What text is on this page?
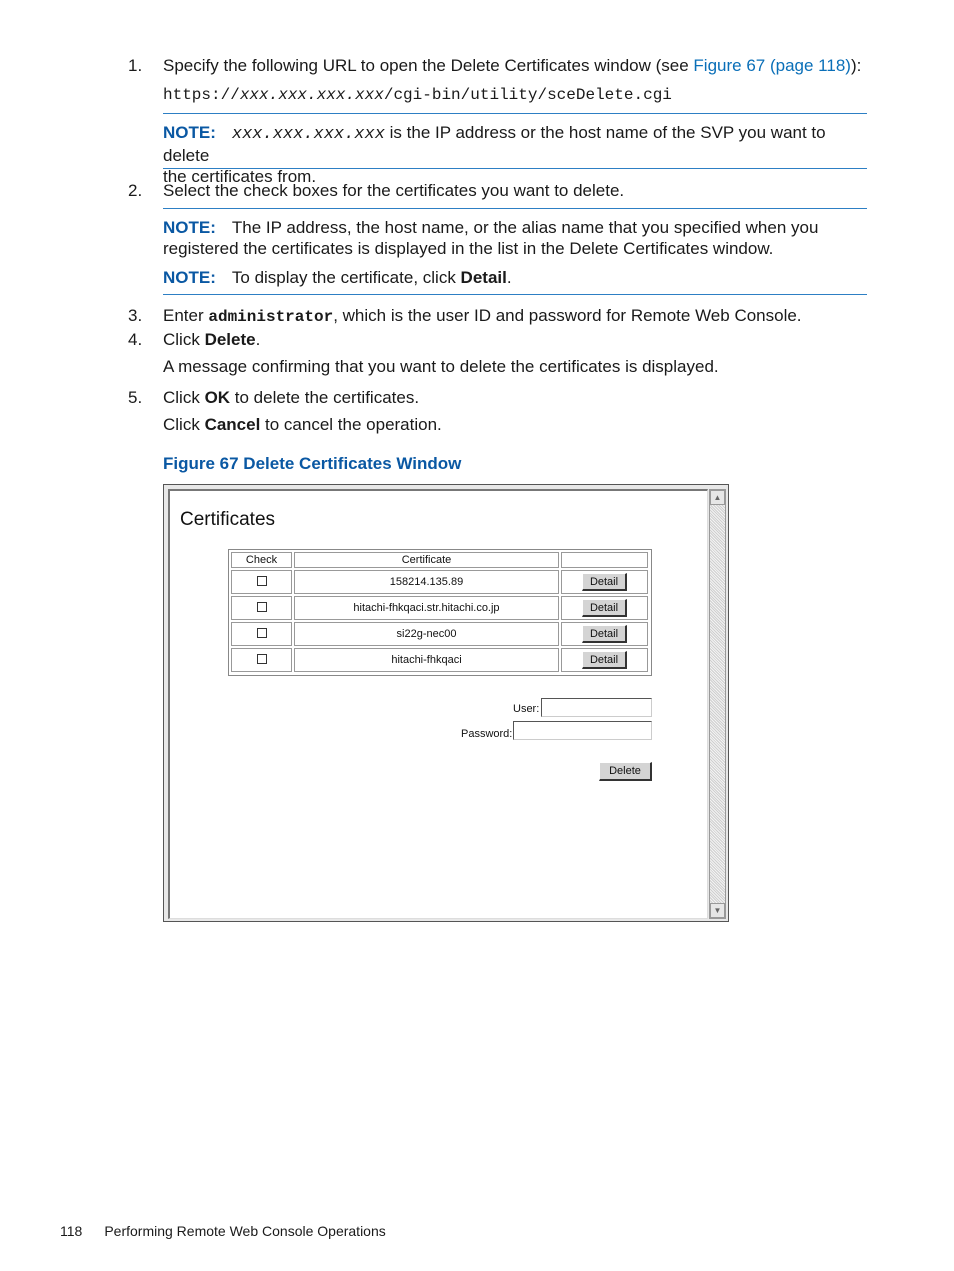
1. Specify the following URL to open the Delete Certificates window (see Figure 67 (page 118)):
https://xxx.xxx.xxx.xxx/cgi-bin/utility/sceDelete.cgi
NOTE: xxx.xxx.xxx.xxx is the IP address or the host name of the SVP you want to delete
the certificates from.
2. Select the check boxes for the certificates you want to delete.
NOTE: The IP address, the host name, or the alias name that you specified when you
registered the certificates is displayed in the list in the Delete Certificates window.
NOTE: To display the certificate, click Detail.
3. Enter administrator, which is the user ID and password for Remote Web Console.
4. Click Delete.
A message confirming that you want to delete the certificates is displayed.
5. Click OK to delete the certificates.
Click Cancel to cancel the operation.
Figure 67 Delete Certificates Window
Certificates
Check	Certificate
158214.135.89	Detail
hitachi-fhkqaci.str.hitachi.co.jp	Detail
si22g-nec00	Detail
hitachi-fhkqaci	Detail
User:
Password:
Delete
▲
▼
118 Performing Remote Web Console Operations
